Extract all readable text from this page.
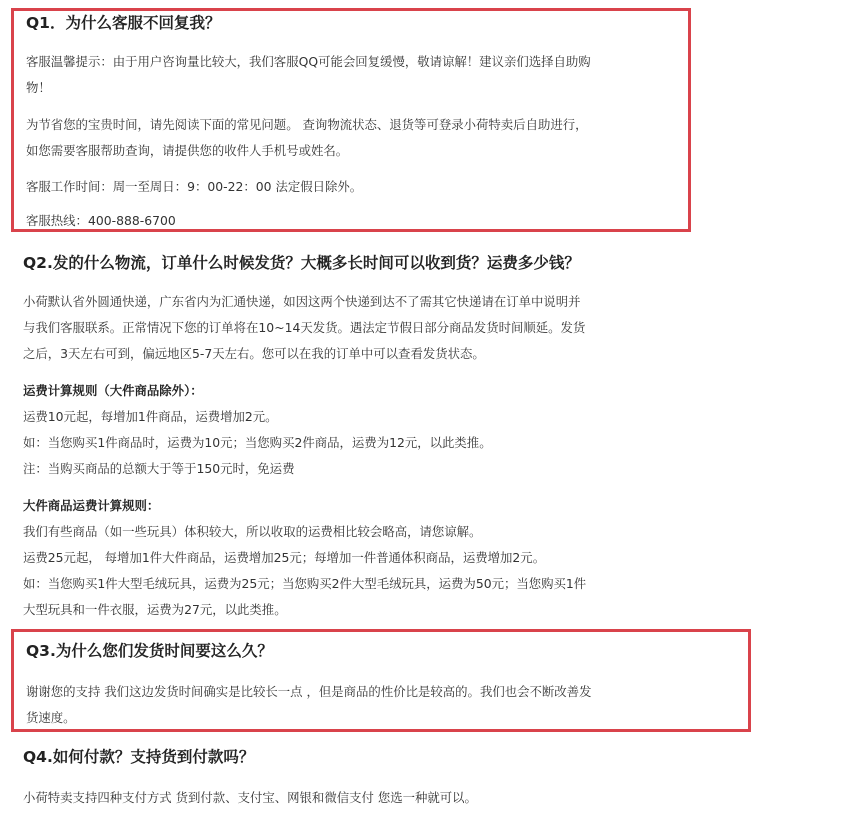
Q1．为什么客服不回复我？

客服温馨提示：由于用户咨询量比较大，我们客服QQ可能会回复缓慢，敬请谅解！建议亲们选择自助购

物！

为节省您的宝贵时间，请先阅读下面的常见问题。 查询物流状态、退货等可登录小荷特卖后自助进行，

如您需要客服帮助查询，请提供您的收件人手机号或姓名。

客服工作时间：周一至周日：9：00-22：00 法定假日除外。

客服热线：400-888-6700

Q2.发的什么物流，订单什么时候发货？大概多长时间可以收到货？运费多少钱？

小荷默认省外圆通快递，广东省内为汇通快递，如因这两个快递到达不了需其它快递请在订单中说明并

与我们客服联系。正常情况下您的订单将在10~14天发货。遇法定节假日部分商品发货时间顺延。发货

之后，3天左右可到，偏远地区5-7天左右。您可以在我的订单中可以查看发货状态。

运费计算规则（大件商品除外）：

运费10元起，每增加1件商品，运费增加2元。

如：当您购买1件商品时，运费为10元；当您购买2件商品，运费为12元，以此类推。

注：当购买商品的总额大于等于150元时，免运费

大件商品运费计算规则：

我们有些商品（如一些玩具）体积较大，所以收取的运费相比较会略高，请您谅解。

运费25元起， 每增加1件大件商品，运费增加25元；每增加一件普通体积商品，运费增加2元。

如：当您购买1件大型毛绒玩具，运费为25元；当您购买2件大型毛绒玩具，运费为50元；当您购买1件

大型玩具和一件衣服，运费为27元，以此类推。

Q3.为什么您们发货时间要这么久？

谢谢您的支持 我们这边发货时间确实是比较长一点 ，但是商品的性价比是较高的。我们也会不断改善发

货速度。

Q4.如何付款？支持货到付款吗？

小荷特卖支持四种支付方式 货到付款、支付宝、网银和微信支付 您选一种就可以。
